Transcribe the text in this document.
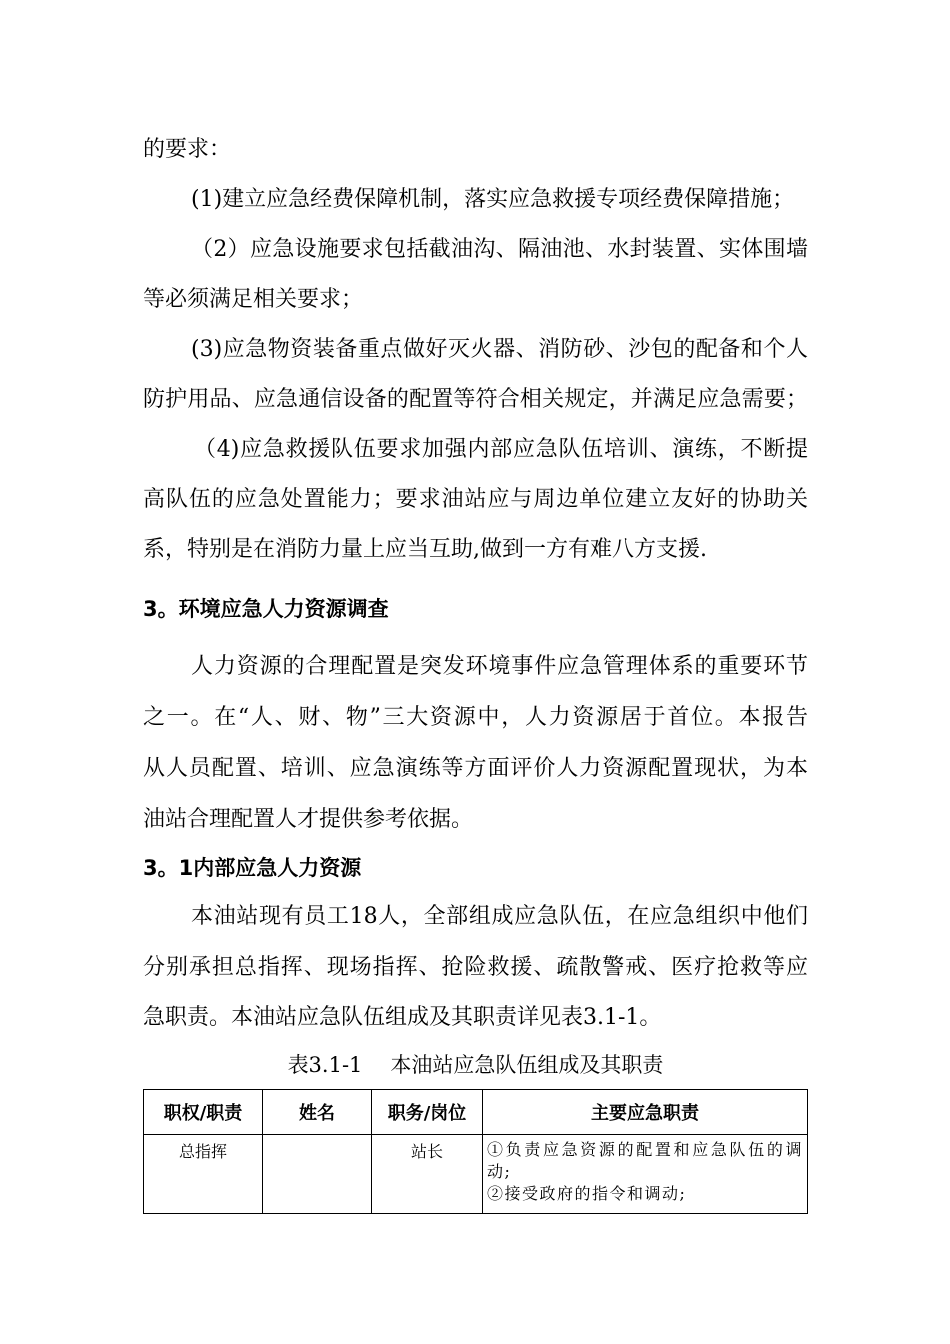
的要求：
(1)建立应急经费保障机制，落实应急救援专项经费保障措施；
（2）应急设施要求包括截油沟、隔油池、水封装置、实体围墙
等必须满足相关要求；
(3)应急物资装备重点做好灭火器、消防砂、沙包的配备和个人
防护用品、应急通信设备的配置等符合相关规定，并满足应急需要；
（4)应急救援队伍要求加强内部应急队伍培训、演练，不断提
高队伍的应急处置能力；要求油站应与周边单位建立友好的协助关
系，特别是在消防力量上应当互助,做到一方有难八方支援.
3。环境应急人力资源调查
人力资源的合理配置是突发环境事件应急管理体系的重要环节
之一。在“人、财、物”三大资源中，人力资源居于首位。本报告
从人员配置、培训、应急演练等方面评价人力资源配置现状，为本
油站合理配置人才提供参考依据。
3。1内部应急人力资源
本油站现有员工18人，全部组成应急队伍，在应急组织中他们
分别承担总指挥、现场指挥、抢险救援、疏散警戒、医疗抢救等应
急职责。本油站应急队伍组成及其职责详见表3.1-1。
表3.1-1 本油站应急队伍组成及其职责
职权/职责	姓名	职务/岗位	主要应急职责
总指挥		站长	①负责应急资源的配置和应急队伍的调动;
②接受政府的指令和调动;
